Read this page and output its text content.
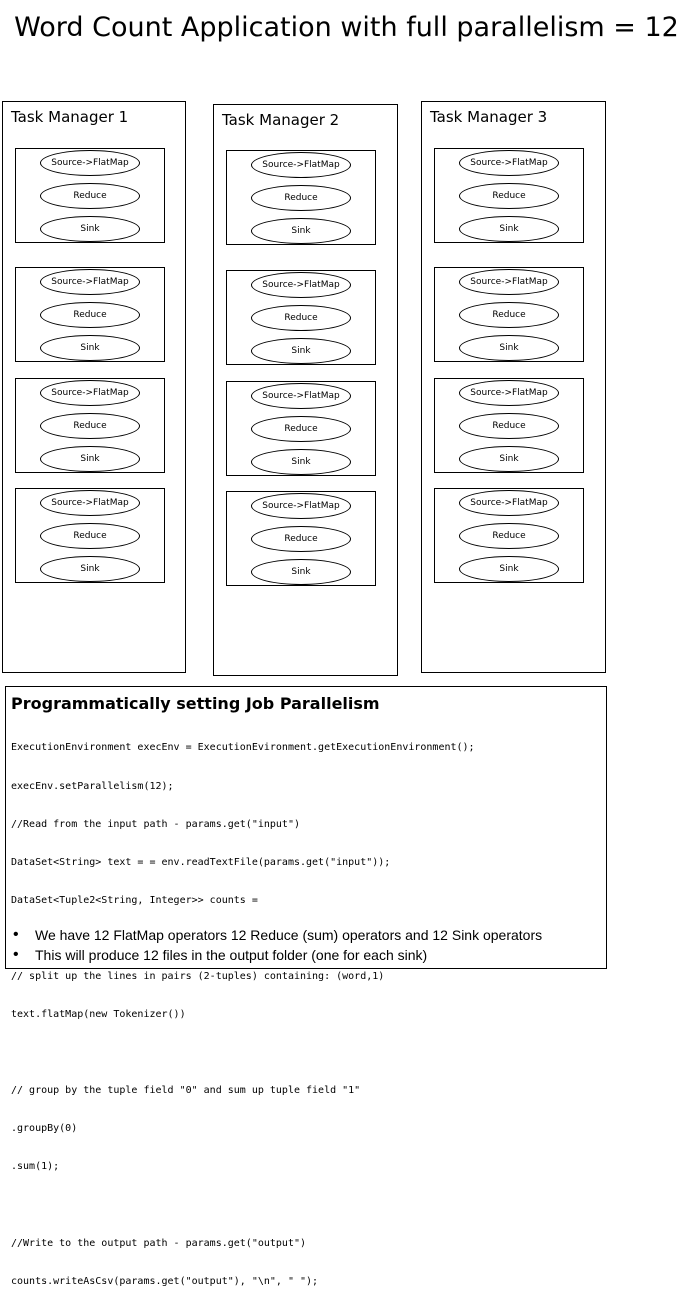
Word Count Application with full parallelism = 12
Task Manager 1
Source->FlatMap
Reduce
Sink
Source->FlatMap
Reduce
Sink
Source->FlatMap
Reduce
Sink
Source->FlatMap
Reduce
Sink
Task Manager 2
Source->FlatMap
Reduce
Sink
Source->FlatMap
Reduce
Sink
Source->FlatMap
Reduce
Sink
Source->FlatMap
Reduce
Sink
Task Manager 3
Source->FlatMap
Reduce
Sink
Source->FlatMap
Reduce
Sink
Source->FlatMap
Reduce
Sink
Source->FlatMap
Reduce
Sink
Programmatically setting Job Parallelism

ExecutionEnvironment execEnv = ExecutionEvironment.getExecutionEnvironment();

execEnv.setParallelism(12);

//Read from the input path - params.get("input")

DataSet<String> text = = env.readTextFile(params.get("input"));

DataSet<Tuple2<String, Integer>> counts =

// split up the lines in pairs (2-tuples) containing: (word,1)

text.flatMap(new Tokenizer())

// group by the tuple field "0" and sum up tuple field "1"

.groupBy(0)

.sum(1);

//Write to the output path - params.get("output")

counts.writeAsCsv(params.get("output"), "\n", " ");

• We have 12 FlatMap operators 12 Reduce (sum) operators and 12 Sink operators
• This will produce 12 files in the output folder (one for each sink)
